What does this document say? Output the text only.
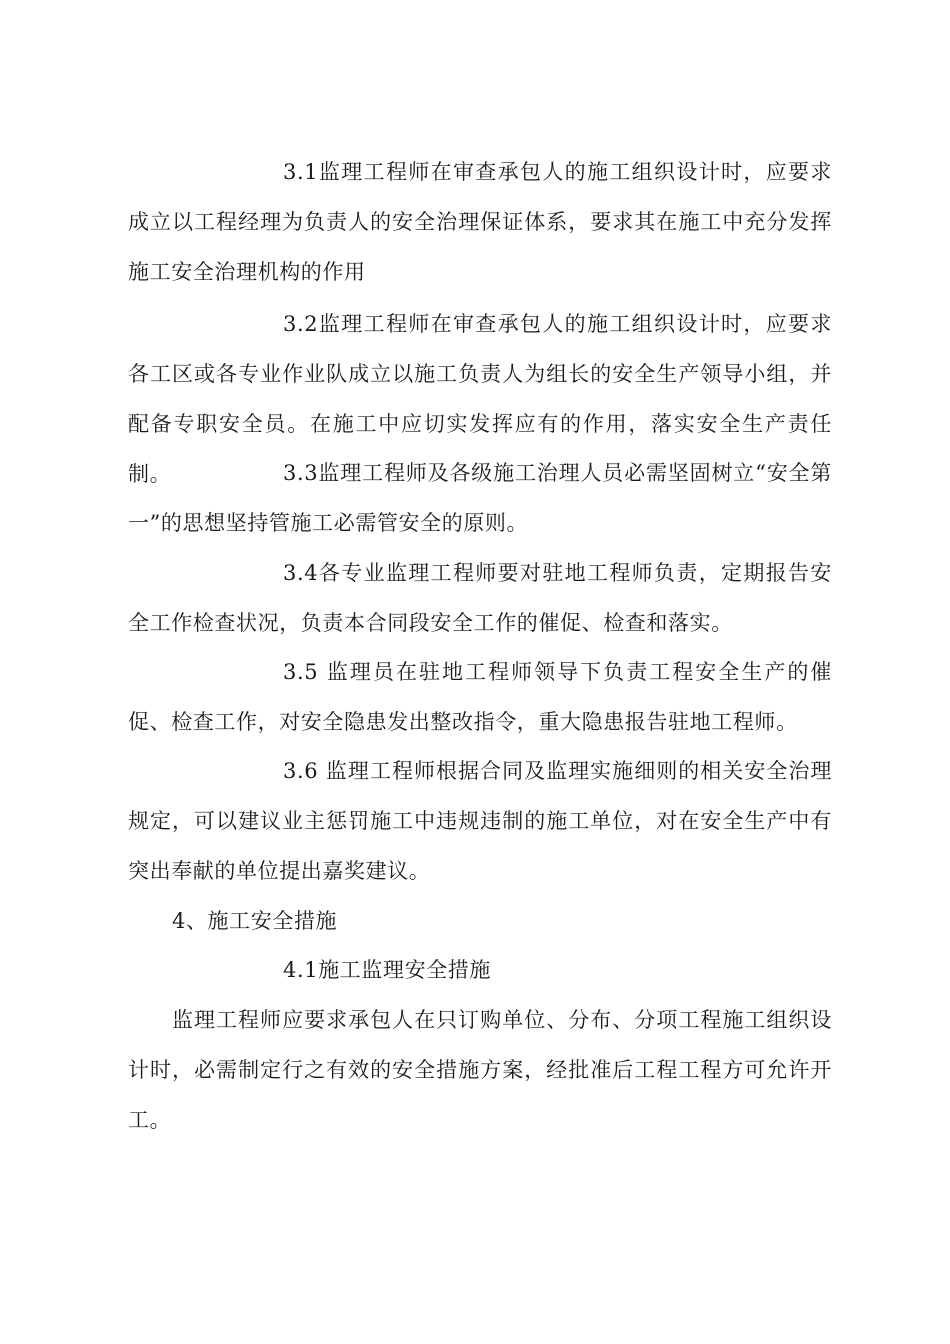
3.1监理工程师在审查承包人的施工组织设计时，应要求成立以工程经理为负责人的安全治理保证体系，要求其在施工中充分发挥施工安全治理机构的作用

3.2监理工程师在审查承包人的施工组织设计时，应要求各工区或各专业作业队成立以施工负责人为组长的安全生产领导小组，并配备专职安全员。在施工中应切实发挥应有的作用，落实安全生产责任制。	3.3监理工程师及各级施工治理人员必需坚固树立“安全第一”的思想坚持管施工必需管安全的原则。

3.4各专业监理工程师要对驻地工程师负责，定期报告安全工作检查状况，负责本合同段安全工作的催促、检查和落实。

3.5 监理员在驻地工程师领导下负责工程安全生产的催促、检查工作，对安全隐患发出整改指令，重大隐患报告驻地工程师。

3.6 监理工程师根据合同及监理实施细则的相关安全治理规定，可以建议业主惩罚施工中违规违制的施工单位，对在安全生产中有突出奉献的单位提出嘉奖建议。

4、施工安全措施

4.1施工监理安全措施

监理工程师应要求承包人在只订购单位、分布、分项工程施工组织设计时，必需制定行之有效的安全措施方案，经批准后工程工程方可允许开工。
